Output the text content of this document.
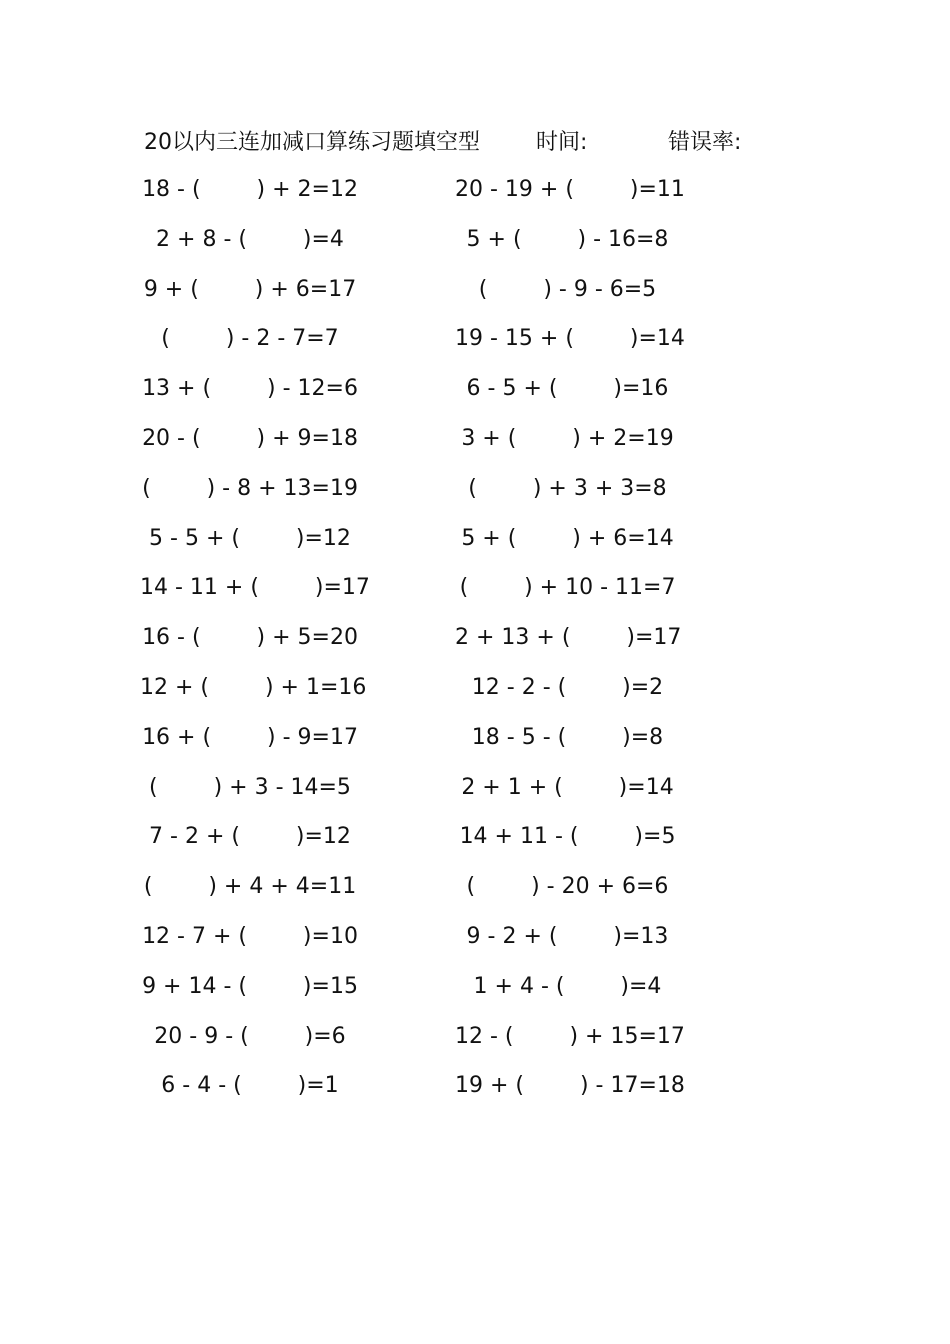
20以内三连加减口算练习题填空型	时间:	错误率:
18 - (        ) + 2=12	20 - 19 + (        )=11
2 + 8 - (        )=4	5 + (        ) - 16=8
9 + (        ) + 6=17	(        ) - 9 - 6=5
(        ) - 2 - 7=7	19 - 15 + (        )=14
13 + (        ) - 12=6	6 - 5 + (        )=16
20 - (        ) + 9=18	3 + (        ) + 2=19
(        ) - 8 + 13=19	(        ) + 3 + 3=8
5 - 5 + (        )=12	5 + (        ) + 6=14
14 - 11 + (        )=17	(        ) + 10 - 11=7
16 - (        ) + 5=20	2 + 13 + (        )=17
12 + (        ) + 1=16	12 - 2 - (        )=2
16 + (        ) - 9=17	18 - 5 - (        )=8
(        ) + 3 - 14=5	2 + 1 + (        )=14
7 - 2 + (        )=12	14 + 11 - (        )=5
(        ) + 4 + 4=11	(        ) - 20 + 6=6
12 - 7 + (        )=10	9 - 2 + (        )=13
9 + 14 - (        )=15	1 + 4 - (        )=4
20 - 9 - (        )=6	12 - (        ) + 15=17
6 - 4 - (        )=1	19 + (        ) - 17=18
